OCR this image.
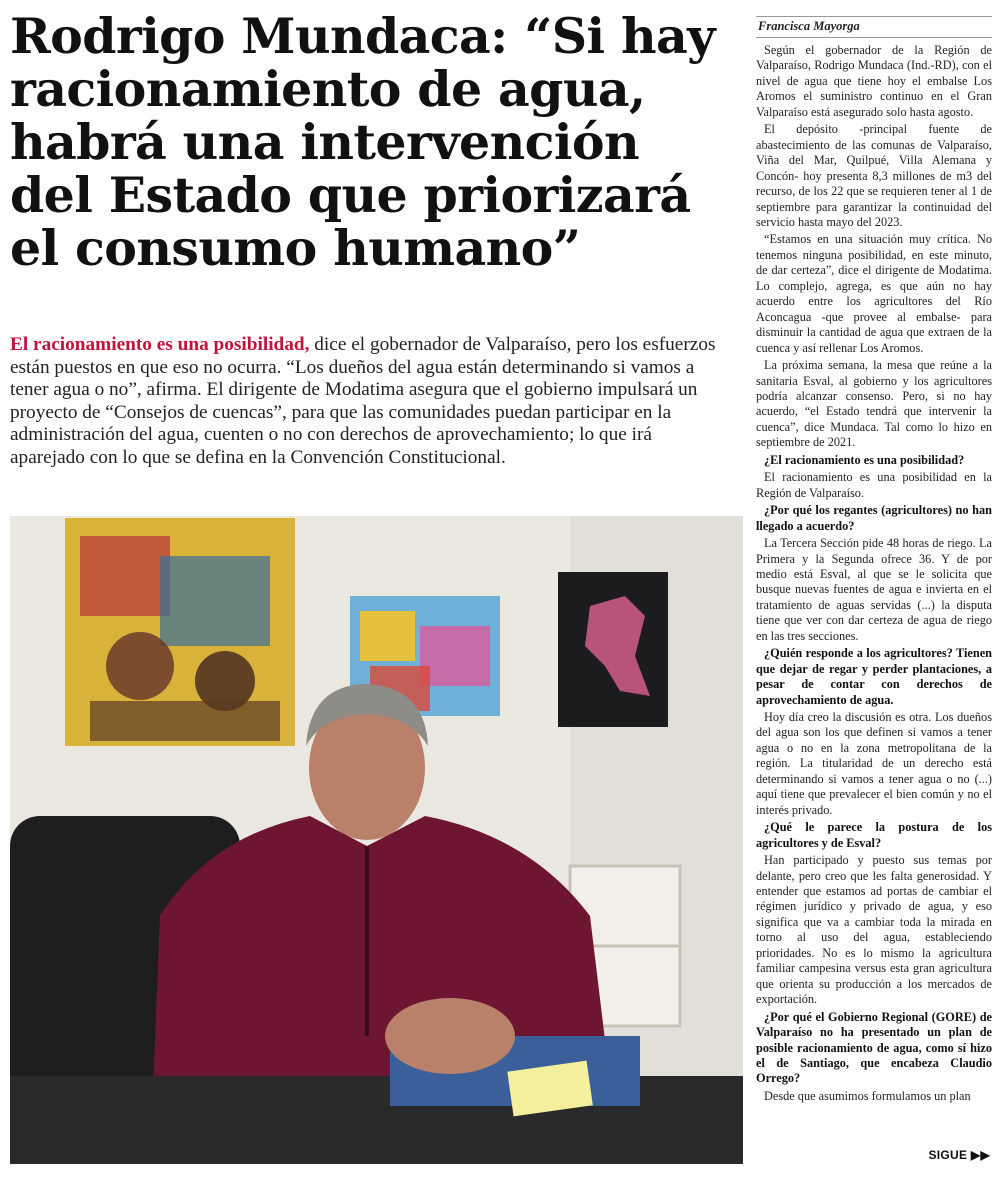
Rodrigo Mundaca: “Si hay racionamiento de agua, habrá una intervención del Estado que priorizará el consumo humano”

El racionamiento es una posibilidad, dice el gobernador de Valparaíso, pero los esfuerzos están puestos en que eso no ocurra. “Los dueños del agua están determinando si vamos a tener agua o no”, afirma. El dirigente de Modatima asegura que el gobierno impulsará un proyecto de “Consejos de cuencas”, para que las comunidades puedan participar en la administración del agua, cuenten o no con derechos de aprovechamiento; lo que irá aparejado con lo que se defina en la Convención Constitucional.

Francisca Mayorga

Según el gobernador de la Región de Valparaíso, Rodrigo Mundaca (Ind.-RD), con el nivel de agua que tiene hoy el embalse Los Aromos el suministro continuo en el Gran Valparaíso está asegurado solo hasta agosto.

El depósito -principal fuente de abastecimiento de las comunas de Valparaíso, Viña del Mar, Quilpué, Villa Alemana y Concón- hoy presenta 8,3 millones de m3 del recurso, de los 22 que se requieren tener al 1 de septiembre para garantizar la continuidad del servicio hasta mayo del 2023.

“Estamos en una situación muy crítica. No tenemos ninguna posibilidad, en este minuto, de dar certeza”, dice el dirigente de Modatima. Lo complejo, agrega, es que aún no hay acuerdo entre los agricultores del Río Aconcagua -que provee al embalse- para disminuir la cantidad de agua que extraen de la cuenca y así rellenar Los Aromos.

La próxima semana, la mesa que reúne a la sanitaria Esval, al gobierno y los agricultores podría alcanzar consenso. Pero, si no hay acuerdo, “el Estado tendrá que intervenir la cuenca”, dice Mundaca. Tal como lo hizo en septiembre de 2021.

¿El racionamiento es una posibilidad?

El racionamiento es una posibilidad en la Región de Valparaíso.

¿Por qué los regantes (agricultores) no han llegado a acuerdo?

La Tercera Sección pide 48 horas de riego. La Primera y la Segunda ofrece 36. Y de por medio está Esval, al que se le solicita que busque nuevas fuentes de agua e invierta en el tratamiento de aguas servidas (...) la disputa tiene que ver con dar certeza de agua de riego en las tres secciones.

¿Quién responde a los agricultores? Tienen que dejar de regar y perder plantaciones, a pesar de contar con derechos de aprovechamiento de agua.

Hoy día creo la discusión es otra. Los dueños del agua son los que definen si vamos a tener agua o no en la zona metropolitana de la región. La titularidad de un derecho está determinando si vamos a tener agua o no (...) aquí tiene que prevalecer el bien común y no el interés privado.

¿Qué le parece la postura de los agricultores y de Esval?

Han participado y puesto sus temas por delante, pero creo que les falta generosidad. Y entender que estamos ad portas de cambiar el régimen jurídico y privado de agua, y eso significa que va a cambiar toda la mirada en torno al uso del agua, estableciendo prioridades. No es lo mismo la agricultura familiar campesina versus esta gran agricultura que orienta su producción a los mercados de exportación.

¿Por qué el Gobierno Regional (GORE) de Valparaíso no ha presentado un plan de posible racionamiento de agua, como sí hizo el de Santiago, que encabeza Claudio Orrego?

Desde que asumimos formulamos un plan

SIGUE ▶▶
